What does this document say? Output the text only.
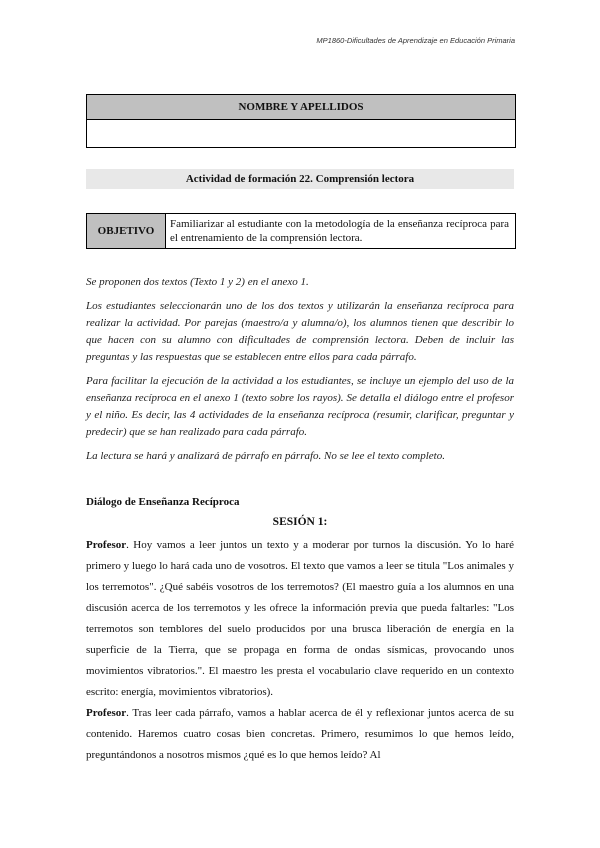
MP1860-Dificultades de Aprendizaje en Educación Primaria
NOMBRE Y APELLIDOS
Actividad de formación 22. Comprensión lectora
OBJETIVO
Familiarizar al estudiante con la metodología de la enseñanza recíproca para el entrenamiento de la comprensión lectora.

Se proponen dos textos (Texto 1 y 2) en el anexo 1.

Los estudiantes seleccionarán uno de los dos textos y utilizarán la enseñanza recíproca para realizar la actividad. Por parejas (maestro/a y alumna/o), los alumnos tienen que describir lo que hacen con su alumno con dificultades de comprensión lectora. Deben de incluir las preguntas y las respuestas que se establecen entre ellos para cada párrafo.

Para facilitar la ejecución de la actividad a los estudiantes, se incluye un ejemplo del uso de la enseñanza recíproca en el anexo 1 (texto sobre los rayos). Se detalla el diálogo entre el profesor y el niño. Es decir, las 4 actividades de la enseñanza recíproca (resumir, clarificar, preguntar y predecir) que se han realizado para cada párrafo.

La lectura se hará y analizará de párrafo en párrafo. No se lee el texto completo.

Diálogo de Enseñanza Recíproca
SESIÓN 1:

Profesor. Hoy vamos a leer juntos un texto y a moderar por turnos la discusión. Yo lo haré primero y luego lo hará cada uno de vosotros. El texto que vamos a leer se titula "Los animales y los terremotos". ¿Qué sabéis vosotros de los terremotos? (El maestro guía a los alumnos en una discusión acerca de los terremotos y les ofrece la información previa que pueda faltarles: "Los terremotos son temblores del suelo producidos por una brusca liberación de energía en la superficie de la Tierra, que se propaga en forma de ondas sísmicas, provocando unos movimientos vibratorios.". El maestro les presta el vocabulario clave requerido en un contexto escrito: energía, movimientos vibratorios).

Profesor. Tras leer cada párrafo, vamos a hablar acerca de él y reflexionar juntos acerca de su contenido. Haremos cuatro cosas bien concretas. Primero, resumimos lo que hemos leído, preguntándonos a nosotros mismos ¿qué es lo que hemos leído? Al
